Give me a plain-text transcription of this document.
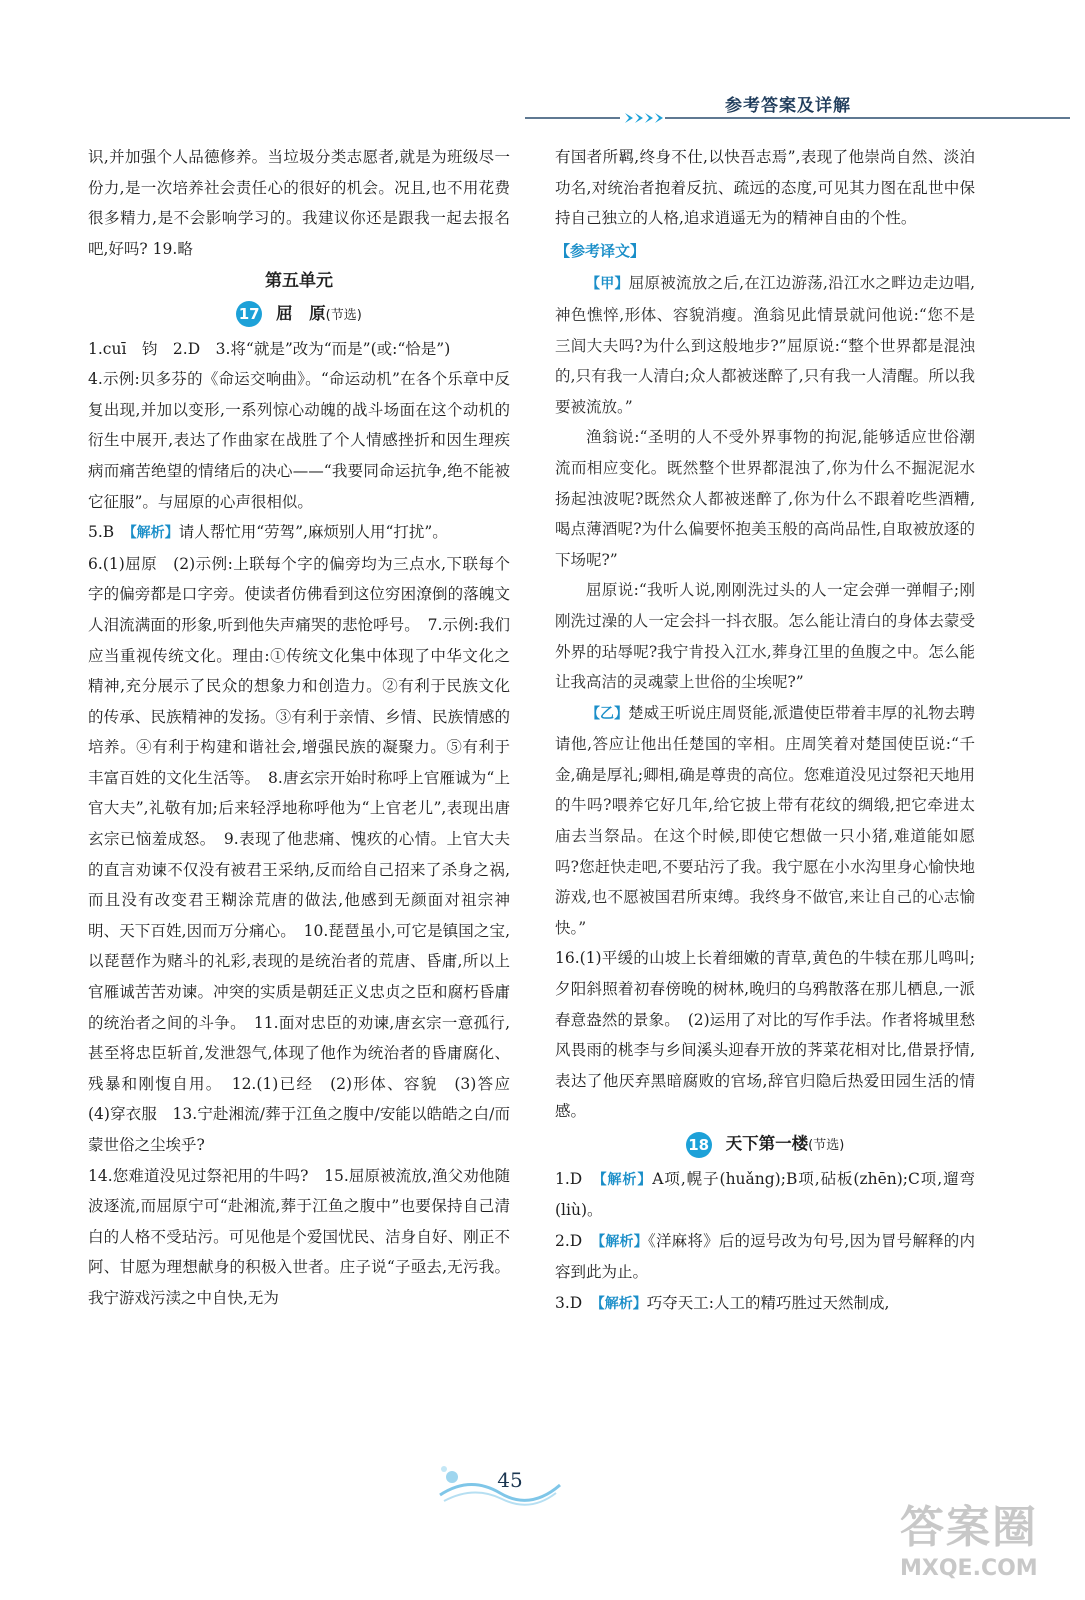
参考答案及详解
识,并加强个人品德修养。当垃圾分类志愿者,就是为班级尽一份力,是一次培养社会责任心的很好的机会。况且,也不用花费很多精力,是不会影响学习的。我建议你还是跟我一起去报名吧,好吗? 19.略
第五单元
17 屈　原(节选)
1.cuī　钧　2.D　3.将“就是”改为“而是”(或:“恰是”)
4.示例:贝多芬的《命运交响曲》。“命运动机”在各个乐章中反复出现,并加以变形,一系列惊心动魄的战斗场面在这个动机的衍生中展开,表达了作曲家在战胜了个人情感挫折和因生理疾病而痛苦绝望的情绪后的决心——“我要同命运抗争,绝不能被它征服”。与屈原的心声很相似。
5.B　【解析】请人帮忙用“劳驾”,麻烦别人用“打扰”。
6.(1)屈原　(2)示例:上联每个字的偏旁均为三点水,下联每个字的偏旁都是口字旁。使读者仿佛看到这位穷困潦倒的落魄文人泪流满面的形象,听到他失声痛哭的悲怆呼号。　7.示例:我们应当重视传统文化。理由:①传统文化集中体现了中华文化之精神,充分展示了民众的想象力和创造力。②有利于民族文化的传承、民族精神的发扬。③有利于亲情、乡情、民族情感的培养。④有利于构建和谐社会,增强民族的凝聚力。⑤有利于丰富百姓的文化生活等。　8.唐玄宗开始时称呼上官雁诚为“上官大夫”,礼敬有加;后来轻浮地称呼他为“上官老儿”,表现出唐玄宗已恼羞成怒。　9.表现了他悲痛、愧疚的心情。上官大夫的直言劝谏不仅没有被君王采纳,反而给自己招来了杀身之祸,而且没有改变君王糊涂荒唐的做法,他感到无颜面对祖宗神明、天下百姓,因而万分痛心。　10.琵琶虽小,可它是镇国之宝,以琵琶作为赌斗的礼彩,表现的是统治者的荒唐、昏庸,所以上官雁诚苦苦劝谏。冲突的实质是朝廷正义忠贞之臣和腐朽昏庸的统治者之间的斗争。　11.面对忠臣的劝谏,唐玄宗一意孤行,甚至将忠臣斩首,发泄怨气,体现了他作为统治者的昏庸腐化、残暴和刚愎自用。　12.(1)已经　(2)形体、容貌　(3)答应　(4)穿衣服　13.宁赴湘流/葬于江鱼之腹中/安能以皓皓之白/而蒙世俗之尘埃乎?
14.您难道没见过祭祀用的牛吗?　15.屈原被流放,渔父劝他随波逐流,而屈原宁可“赴湘流,葬于江鱼之腹中”也要保持自己清白的人格不受玷污。可见他是个爱国忧民、洁身自好、刚正不阿、甘愿为理想献身的积极入世者。庄子说“子亟去,无污我。我宁游戏污渎之中自快,无为
有国者所羁,终身不仕,以快吾志焉”,表现了他崇尚自然、淡泊功名,对统治者抱着反抗、疏远的态度,可见其力图在乱世中保持自己独立的人格,追求逍遥无为的精神自由的个性。
【参考译文】
【甲】屈原被流放之后,在江边游荡,沿江水之畔边走边唱,神色憔悴,形体、容貌消瘦。渔翁见此情景就问他说:“您不是三闾大夫吗?为什么到这般地步?”屈原说:“整个世界都是混浊的,只有我一人清白;众人都被迷醉了,只有我一人清醒。所以我要被流放。”
渔翁说:“圣明的人不受外界事物的拘泥,能够适应世俗潮流而相应变化。既然整个世界都混浊了,你为什么不掘泥泥水扬起浊波呢?既然众人都被迷醉了,你为什么不跟着吃些酒糟,喝点薄酒呢?为什么偏要怀抱美玉般的高尚品性,自取被放逐的下场呢?”
屈原说:“我听人说,刚刚洗过头的人一定会弹一弹帽子;刚刚洗过澡的人一定会抖一抖衣服。怎么能让清白的身体去蒙受外界的玷辱呢?我宁肯投入江水,葬身江里的鱼腹之中。怎么能让我高洁的灵魂蒙上世俗的尘埃呢?”
【乙】楚威王听说庄周贤能,派遣使臣带着丰厚的礼物去聘请他,答应让他出任楚国的宰相。庄周笑着对楚国使臣说:“千金,确是厚礼;卿相,确是尊贵的高位。您难道没见过祭祀天地用的牛吗?喂养它好几年,给它披上带有花纹的绸缎,把它牵进太庙去当祭品。在这个时候,即使它想做一只小猪,难道能如愿吗?您赶快走吧,不要玷污了我。我宁愿在小水沟里身心愉快地游戏,也不愿被国君所束缚。我终身不做官,来让自己的心志愉快。”
16.(1)平缓的山坡上长着细嫩的青草,黄色的牛犊在那儿鸣叫;夕阳斜照着初春傍晚的树林,晚归的乌鸦散落在那儿栖息,一派春意盎然的景象。　(2)运用了对比的写作手法。作者将城里愁风畏雨的桃李与乡间溪头迎春开放的荠菜花相对比,借景抒情,表达了他厌弃黑暗腐败的官场,辞官归隐后热爱田园生活的情感。
18 天下第一楼(节选)
1.D　【解析】A项,幌子(huǎng);B项,砧板(zhēn);C项,遛弯(liù)。
2.D　【解析】《洋麻将》后的逗号改为句号,因为冒号解释的内容到此为止。
3.D　【解析】巧夺天工:人工的精巧胜过天然制成,
45
答案圈
MXQE.COM
